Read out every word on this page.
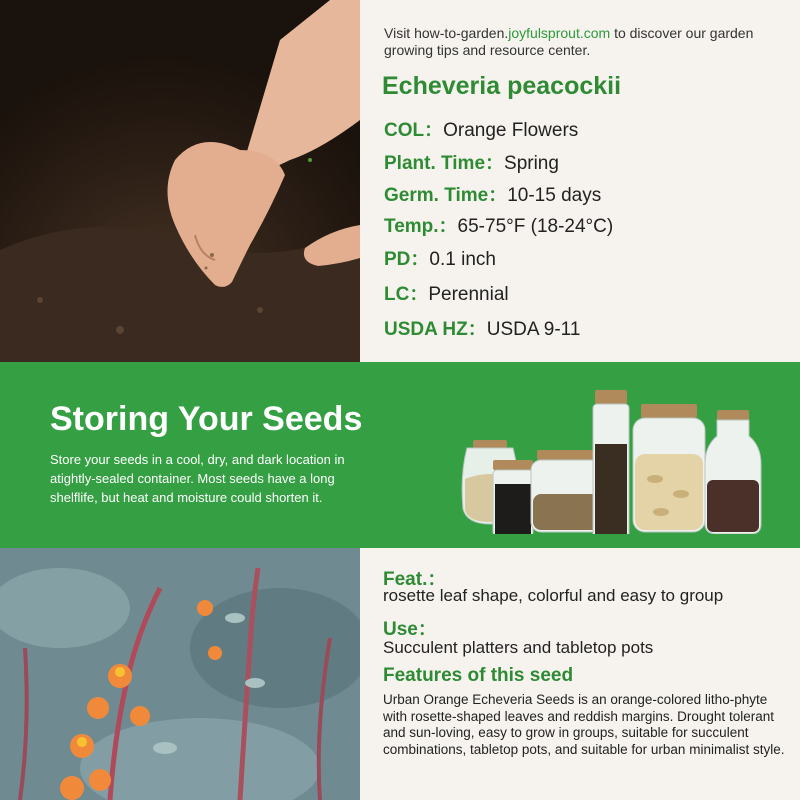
Visit how-to-garden.joyfulsprout.com to discover our garden growing tips and resource center.
Echeveria peacockii
COL：Orange Flowers
Plant. Time：Spring
Germ. Time：10-15 days
Temp.：65-75°F (18-24°C)
PD：0.1 inch
LC：Perennial
USDA HZ：USDA 9-11
Storing Your Seeds
Store your seeds in a cool, dry, and dark location in atightly-sealed container. Most seeds have a long shelflife, but heat and moisture could shorten it.
Feat.：
rosette leaf shape, colorful and easy to group
Use：
Succulent platters and tabletop pots
Features of this seed
Urban Orange Echeveria Seeds is an orange-colored litho-phyte with rosette-shaped leaves and reddish margins. Drought tolerant and sun-loving, easy to grow in groups, suitable for succulent combinations, tabletop pots, and suitable for urban minimalist style.
